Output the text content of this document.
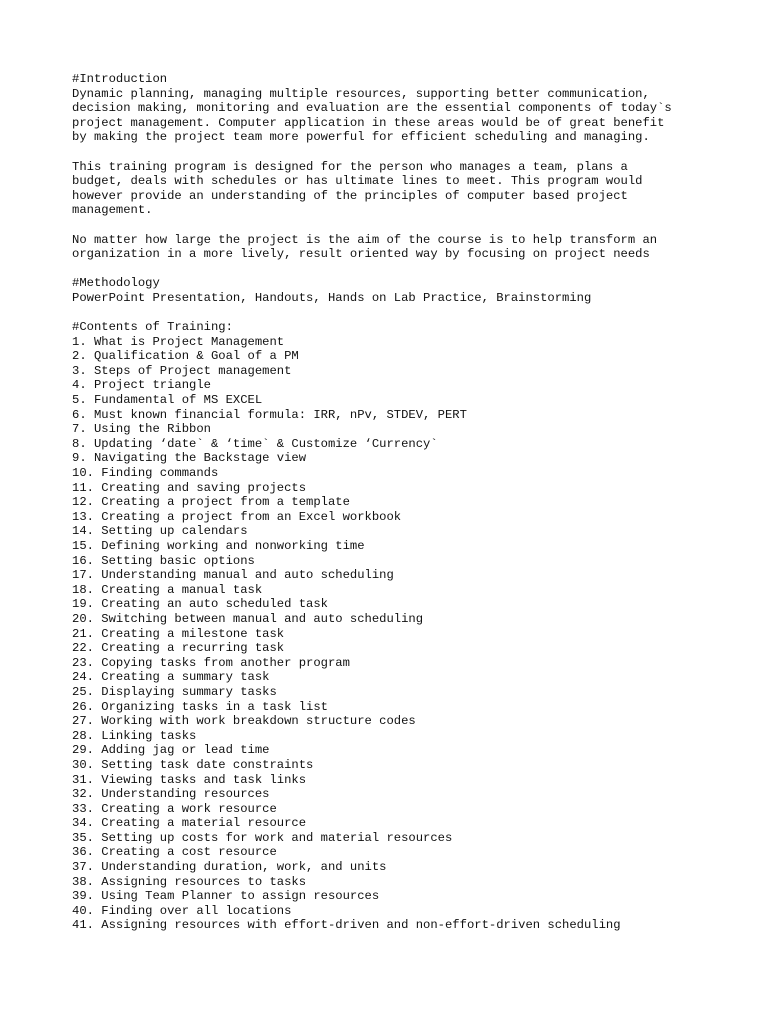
#Introduction
Dynamic planning, managing multiple resources, supporting better communication,
decision making, monitoring and evaluation are the essential components of today`s
project management. Computer application in these areas would be of great benefit
by making the project team more powerful for efficient scheduling and managing.
This training program is designed for the person who manages a team, plans a
budget, deals with schedules or has ultimate lines to meet. This program would
however provide an understanding of the principles of computer based project
management.
No matter how large the project is the aim of the course is to help transform an
organization in a more lively, result oriented way by focusing on project needs
#Methodology
PowerPoint Presentation, Handouts, Hands on Lab Practice, Brainstorming
#Contents of Training:
1. What is Project Management
2. Qualification & Goal of a PM
3. Steps of Project management
4. Project triangle
5. Fundamental of MS EXCEL
6. Must known financial formula: IRR, nPv, STDEV, PERT
7. Using the Ribbon
8. Updating ‘date` & ‘time` & Customize ‘Currency`
9. Navigating the Backstage view
10. Finding commands
11. Creating and saving projects
12. Creating a project from a template
13. Creating a project from an Excel workbook
14. Setting up calendars
15. Defining working and nonworking time
16. Setting basic options
17. Understanding manual and auto scheduling
18. Creating a manual task
19. Creating an auto scheduled task
20. Switching between manual and auto scheduling
21. Creating a milestone task
22. Creating a recurring task
23. Copying tasks from another program
24. Creating a summary task
25. Displaying summary tasks
26. Organizing tasks in a task list
27. Working with work breakdown structure codes
28. Linking tasks
29. Adding jag or lead time
30. Setting task date constraints
31. Viewing tasks and task links
32. Understanding resources
33. Creating a work resource
34. Creating a material resource
35. Setting up costs for work and material resources
36. Creating a cost resource
37. Understanding duration, work, and units
38. Assigning resources to tasks
39. Using Team Planner to assign resources
40. Finding over all locations
41. Assigning resources with effort-driven and non-effort-driven scheduling
